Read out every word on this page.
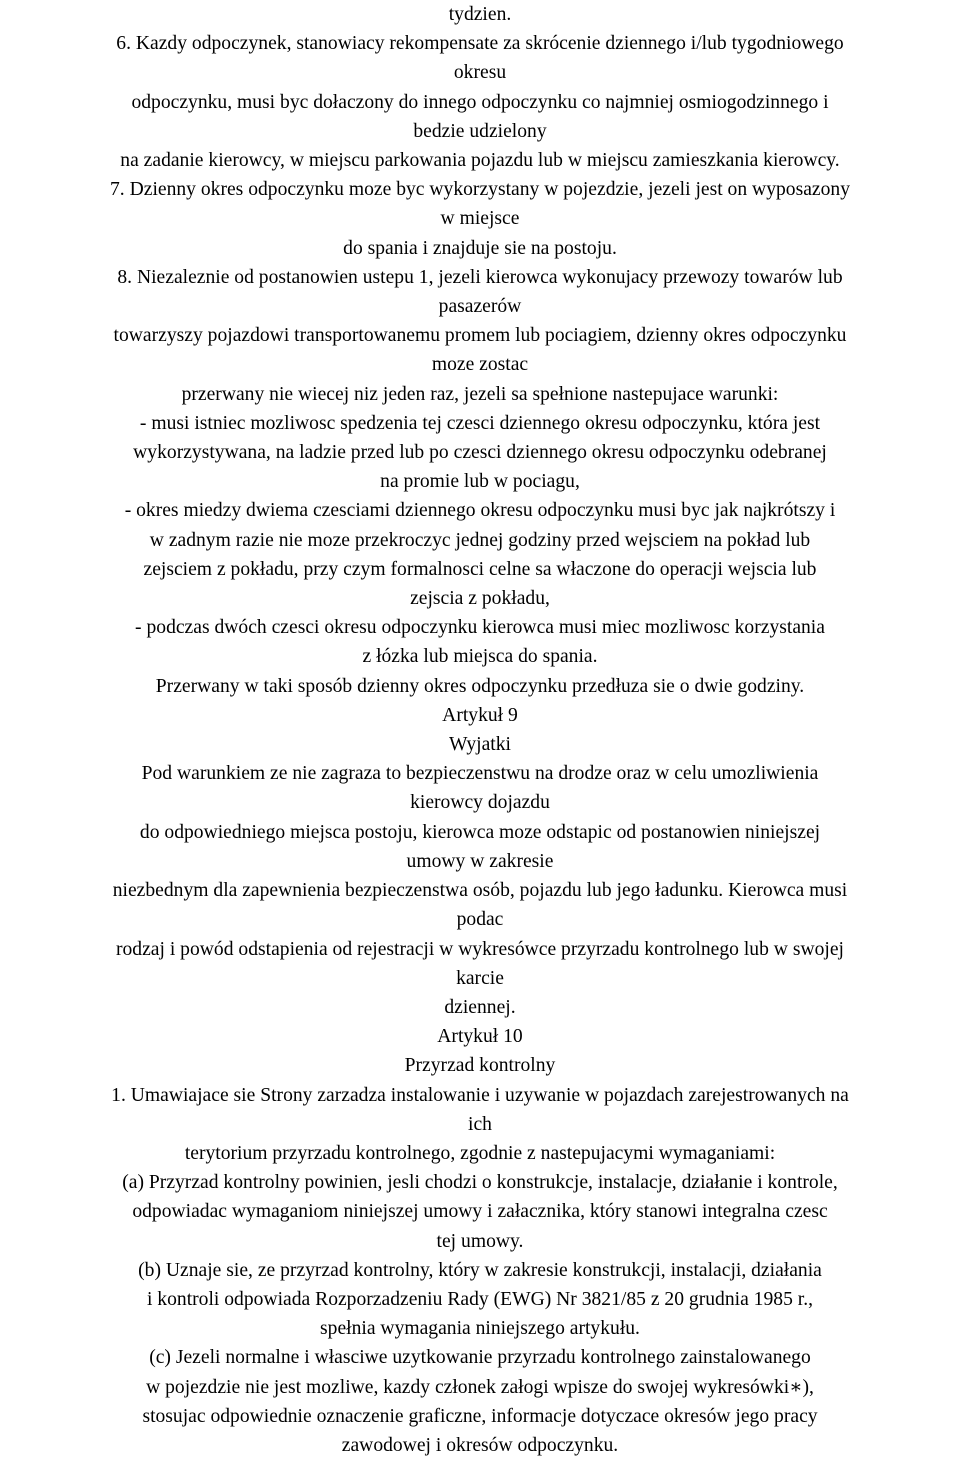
tydzien.
6. Kazdy odpoczynek, stanowiacy rekompensate za skrócenie dziennego i/lub tygodniowego
okresu
odpoczynku, musi byc dołaczony do innego odpoczynku co najmniej osmiogodzinnego i
bedzie udzielony
na zadanie kierowcy, w miejscu parkowania pojazdu lub w miejscu zamieszkania kierowcy.
7. Dzienny okres odpoczynku moze byc wykorzystany w pojezdzie, jezeli jest on wyposazony
w miejsce
do spania i znajduje sie na postoju.
8. Niezaleznie od postanowien ustepu 1, jezeli kierowca wykonujacy przewozy towarów lub
pasazerów
towarzyszy pojazdowi transportowanemu promem lub pociagiem, dzienny okres odpoczynku
moze zostac
przerwany nie wiecej niz jeden raz, jezeli sa spełnione nastepujace warunki:
- musi istniec mozliwosc spedzenia tej czesci dziennego okresu odpoczynku, która jest
wykorzystywana, na ladzie przed lub po czesci dziennego okresu odpoczynku odebranej
na promie lub w pociagu,
- okres miedzy dwiema czesciami dziennego okresu odpoczynku musi byc jak najkrótszy i
w zadnym razie nie moze przekroczyc jednej godziny przed wejsciem na pokład lub
zejsciem z pokładu, przy czym formalnosci celne sa właczone do operacji wejscia lub
zejscia z pokładu,
- podczas dwóch czesci okresu odpoczynku kierowca musi miec mozliwosc korzystania
z łózka lub miejsca do spania.
Przerwany w taki sposób dzienny okres odpoczynku przedłuza sie o dwie godziny.
Artykuł 9
Wyjatki
Pod warunkiem ze nie zagraza to bezpieczenstwu na drodze oraz w celu umozliwienia
kierowcy dojazdu
do odpowiedniego miejsca postoju, kierowca moze odstapic od postanowien niniejszej
umowy w zakresie
niezbednym dla zapewnienia bezpieczenstwa osób, pojazdu lub jego ładunku. Kierowca musi
podac
rodzaj i powód odstapienia od rejestracji w wykresówce przyrzadu kontrolnego lub w swojej
karcie
dziennej.
Artykuł 10
Przyrzad kontrolny
1. Umawiajace sie Strony zarzadza instalowanie i uzywanie w pojazdach zarejestrowanych na
ich
terytorium przyrzadu kontrolnego, zgodnie z nastepujacymi wymaganiami:
(a) Przyrzad kontrolny powinien, jesli chodzi o konstrukcje, instalacje, działanie i kontrole,
odpowiadac wymaganiom niniejszej umowy i załacznika, który stanowi integralna czesc
tej umowy.
(b) Uznaje sie, ze przyrzad kontrolny, który w zakresie konstrukcji, instalacji, działania
i kontroli odpowiada Rozporzadzeniu Rady (EWG) Nr 3821/85 z 20 grudnia 1985 r.,
spełnia wymagania niniejszego artykułu.
(c) Jezeli normalne i własciwe uzytkowanie przyrzadu kontrolnego zainstalowanego
w pojezdzie nie jest mozliwe, kazdy członek załogi wpisze do swojej wykresówki∗),
stosujac odpowiednie oznaczenie graficzne, informacje dotyczace okresów jego pracy
zawodowej i okresów odpoczynku.
